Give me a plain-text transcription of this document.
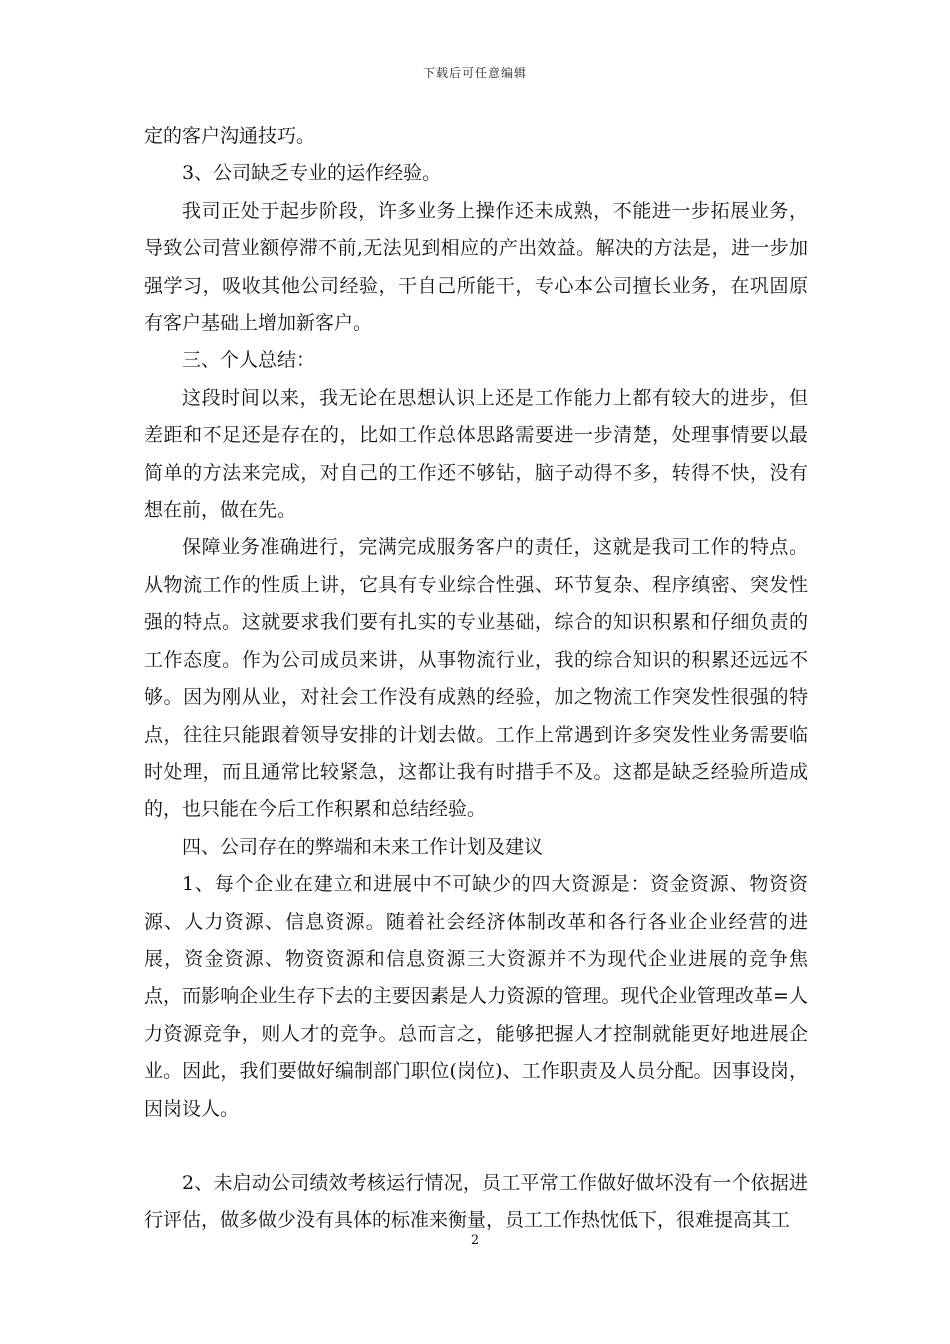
下载后可任意编辑

定的客户沟通技巧。

3、公司缺乏专业的运作经验。

我司正处于起步阶段，许多业务上操作还未成熟，不能进一步拓展业务，导致公司营业额停滞不前,无法见到相应的产出效益。解决的方法是，进一步加强学习，吸收其他公司经验，干自己所能干，专心本公司擅长业务，在巩固原有客户基础上增加新客户。

三、个人总结：

这段时间以来，我无论在思想认识上还是工作能力上都有较大的进步，但差距和不足还是存在的，比如工作总体思路需要进一步清楚，处理事情要以最简单的方法来完成，对自己的工作还不够钻，脑子动得不多，转得不快，没有想在前，做在先。

保障业务准确进行，完满完成服务客户的责任，这就是我司工作的特点。从物流工作的性质上讲，它具有专业综合性强、环节复杂、程序缜密、突发性强的特点。这就要求我们要有扎实的专业基础，综合的知识积累和仔细负责的工作态度。作为公司成员来讲，从事物流行业，我的综合知识的积累还远远不够。因为刚从业，对社会工作没有成熟的经验，加之物流工作突发性很强的特点，往往只能跟着领导安排的计划去做。工作上常遇到许多突发性业务需要临时处理，而且通常比较紧急，这都让我有时措手不及。这都是缺乏经验所造成的，也只能在今后工作积累和总结经验。

四、公司存在的弊端和未来工作计划及建议

1、每个企业在建立和进展中不可缺少的四大资源是：资金资源、物资资源、人力资源、信息资源。随着社会经济体制改革和各行各业企业经营的进展，资金资源、物资资源和信息资源三大资源并不为现代企业进展的竞争焦点，而影响企业生存下去的主要因素是人力资源的管理。现代企业管理改革=人力资源竞争，则人才的竞争。总而言之，能够把握人才控制就能更好地进展企业。因此，我们要做好编制部门职位(岗位)、工作职责及人员分配。因事设岗，因岗设人。

2、未启动公司绩效考核运行情况，员工平常工作做好做坏没有一个依据进行评估，做多做少没有具体的标准来衡量，员工工作热忱低下，很难提高其工

2
